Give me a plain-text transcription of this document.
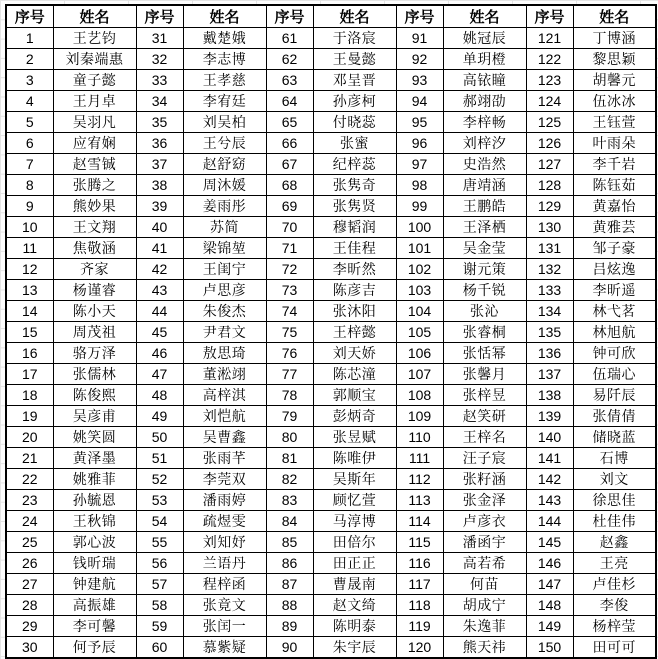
序号	姓名	序号	姓名	序号	姓名	序号	姓名	序号	姓名
1	王艺钧	31	戴楚娥	61	于洛宸	91	姚冠辰	121	丁博涵
2	刘秦端惠	32	李志博	62	王曼懿	92	单玥橙	122	黎思颖
3	童子懿	33	王孝慈	63	邓呈晋	93	高铱瞳	123	胡馨元
4	王月卓	34	李宥廷	64	孙彦柯	94	郝翊劭	124	伍冰冰
5	吴羽凡	35	刘吴柏	65	付晓蕊	95	李梓畅	125	王钰萱
6	应宥娴	36	王兮辰	66	张蜜	96	刘梓汐	126	叶雨朵
7	赵雪铖	37	赵舒窈	67	纪梓蕊	97	史浩然	127	李千岩
8	张腾之	38	周沐媛	68	张隽奇	98	唐靖涵	128	陈钰茹
9	熊妙果	39	姜雨彤	69	张隽贤	99	王鹏皓	129	黄嘉怡
10	王文翔	40	苏简	70	穆韬润	100	王泽栖	130	黄雅芸
11	焦敬涵	41	梁锦堃	71	王佳程	101	吴金莹	131	邹子豪
12	齐家	42	王闺宁	72	李昕然	102	谢元策	132	吕炫逸
13	杨谨睿	43	卢思彦	73	陈彦吉	103	杨千锐	133	李昕遥
14	陈小天	44	朱俊杰	74	张沐阳	104	张沁	134	林弋茗
15	周茂祖	45	尹君文	75	王梓懿	105	张睿桐	135	林旭航
16	骆万泽	46	敖思琦	76	刘天娇	106	张恬幂	136	钟可欣
17	张儒林	47	董淞翊	77	陈芯潼	107	张馨月	137	伍瑞心
18	陈俊熙	48	高梓淇	78	郭顺宝	108	张梓昱	138	易阡辰
19	吴彦甫	49	刘恺航	79	彭炳奇	109	赵笑研	139	张倩倩
20	姚笑圆	50	吴曹鑫	80	张昱赋	110	王梓名	140	储晓蓝
21	黄泽墨	51	张雨芊	81	陈唯伊	111	汪子宸	141	石博
22	姚雅菲	52	李莞双	82	吴斯年	112	张籽涵	142	刘文
23	孙毓恩	53	潘雨婷	83	顾忆萱	113	张金泽	143	徐思佳
24	王秋锦	54	疏煜雯	84	马淳博	114	卢彦衣	144	杜佳伟
25	郭心波	55	刘知妤	85	田倍尔	115	潘函宇	145	赵鑫
26	钱昕瑞	56	兰语丹	86	田正正	116	高若希	146	王亮
27	钟建航	57	程梓函	87	曹晟南	117	何苗	147	卢佳杉
28	高振雄	58	张竟文	88	赵文绮	118	胡成宁	148	李俊
29	李可馨	59	张闰一	89	陈明泰	119	朱逸菲	149	杨梓莹
30	何予辰	60	慕紫疑	90	朱宇辰	120	熊天祎	150	田可可
